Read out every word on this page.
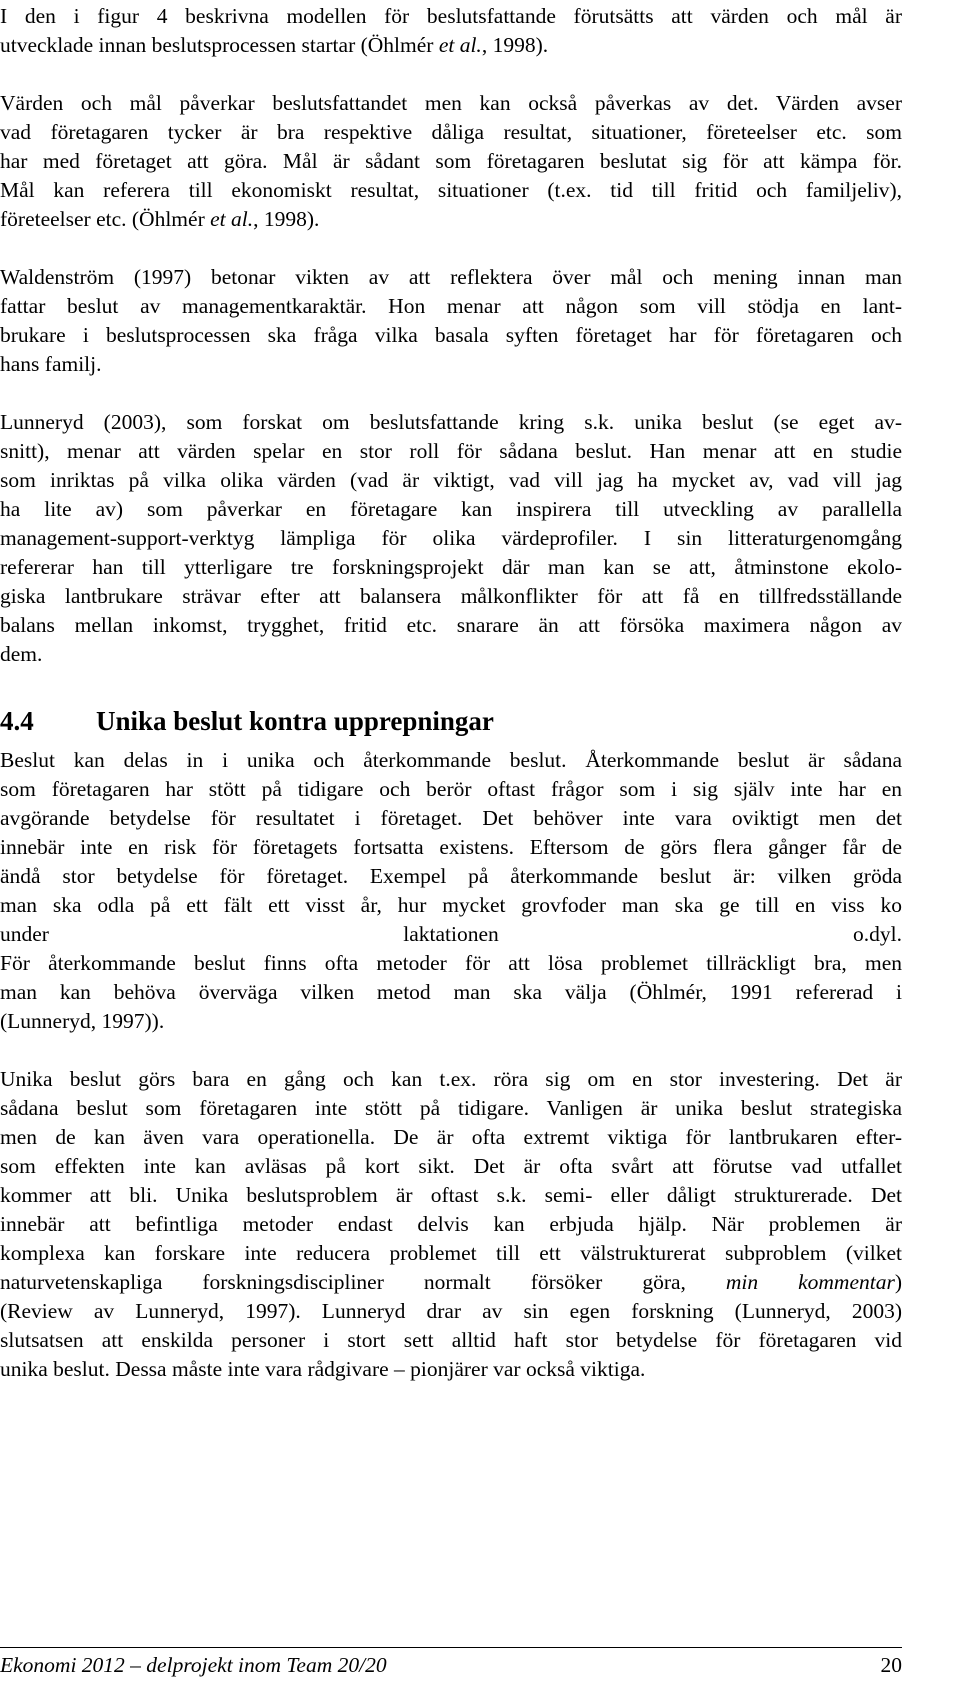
4.4 Unika beslut kontra upprepningar
Ekonomi 2012 – delprojekt inom Team 20/20	20
I den i figur 4 beskrivna modellen för beslutsfattande förutsätts att värden och mål är
utvecklade innan beslutsprocessen startar (Öhlmér et al., 1998).
Värden och mål påverkar beslutsfattandet men kan också påverkas av det. Värden avser
vad företagaren tycker är bra respektive dåliga resultat, situationer, företeelser etc. som
har med företaget att göra. Mål är sådant som företagaren beslutat sig för att kämpa för.
Mål kan referera till ekonomiskt resultat, situationer (t.ex. tid till fritid och familjeliv),
företeelser etc. (Öhlmér et al., 1998).
Waldenström (1997) betonar vikten av att reflektera över mål och mening innan man
fattar beslut av managementkaraktär. Hon menar att någon som vill stödja en lant-
brukare i beslutsprocessen ska fråga vilka basala syften företaget har för företagaren och
hans familj.
Lunneryd (2003), som forskat om beslutsfattande kring s.k. unika beslut (se eget av-
snitt), menar att värden spelar en stor roll för sådana beslut. Han menar att en studie
som inriktas på vilka olika värden (vad är viktigt, vad vill jag ha mycket av, vad vill jag
ha lite av) som påverkar en företagare kan inspirera till utveckling av parallella
management-support-verktyg lämpliga för olika värdeprofiler. I sin litteraturgenomgång
refererar han till ytterligare tre forskningsprojekt där man kan se att, åtminstone ekolo-
giska lantbrukare strävar efter att balansera målkonflikter för att få en tillfredsställande
balans mellan inkomst, trygghet, fritid etc. snarare än att försöka maximera någon av
dem.
Beslut kan delas in i unika och återkommande beslut. Återkommande beslut är sådana
som företagaren har stött på tidigare och berör oftast frågor som i sig själv inte har en
avgörande betydelse för resultatet i företaget. Det behöver inte vara oviktigt men det
innebär inte en risk för företagets fortsatta existens. Eftersom de görs flera gånger får de
ändå stor betydelse för företaget. Exempel på återkommande beslut är: vilken gröda
man ska odla på ett fält ett visst år, hur mycket grovfoder man ska ge till en viss ko
under laktationen o.dyl.
För återkommande beslut finns ofta metoder för att lösa problemet tillräckligt bra, men
man kan behöva överväga vilken metod man ska välja (Öhlmér, 1991 refererad i
(Lunneryd, 1997)).
Unika beslut görs bara en gång och kan t.ex. röra sig om en stor investering. Det är
sådana beslut som företagaren inte stött på tidigare. Vanligen är unika beslut strategiska
men de kan även vara operationella. De är ofta extremt viktiga för lantbrukaren efter-
som effekten inte kan avläsas på kort sikt. Det är ofta svårt att förutse vad utfallet
kommer att bli. Unika beslutsproblem är oftast s.k. semi- eller dåligt strukturerade. Det
innebär att befintliga metoder endast delvis kan erbjuda hjälp. När problemen är
komplexa kan forskare inte reducera problemet till ett välstrukturerat subproblem (vilket
naturvetenskapliga forskningsdiscipliner normalt försöker göra, min kommentar)
(Review av Lunneryd, 1997). Lunneryd drar av sin egen forskning (Lunneryd, 2003)
slutsatsen att enskilda personer i stort sett alltid haft stor betydelse för företagaren vid
unika beslut. Dessa måste inte vara rådgivare – pionjärer var också viktiga.
